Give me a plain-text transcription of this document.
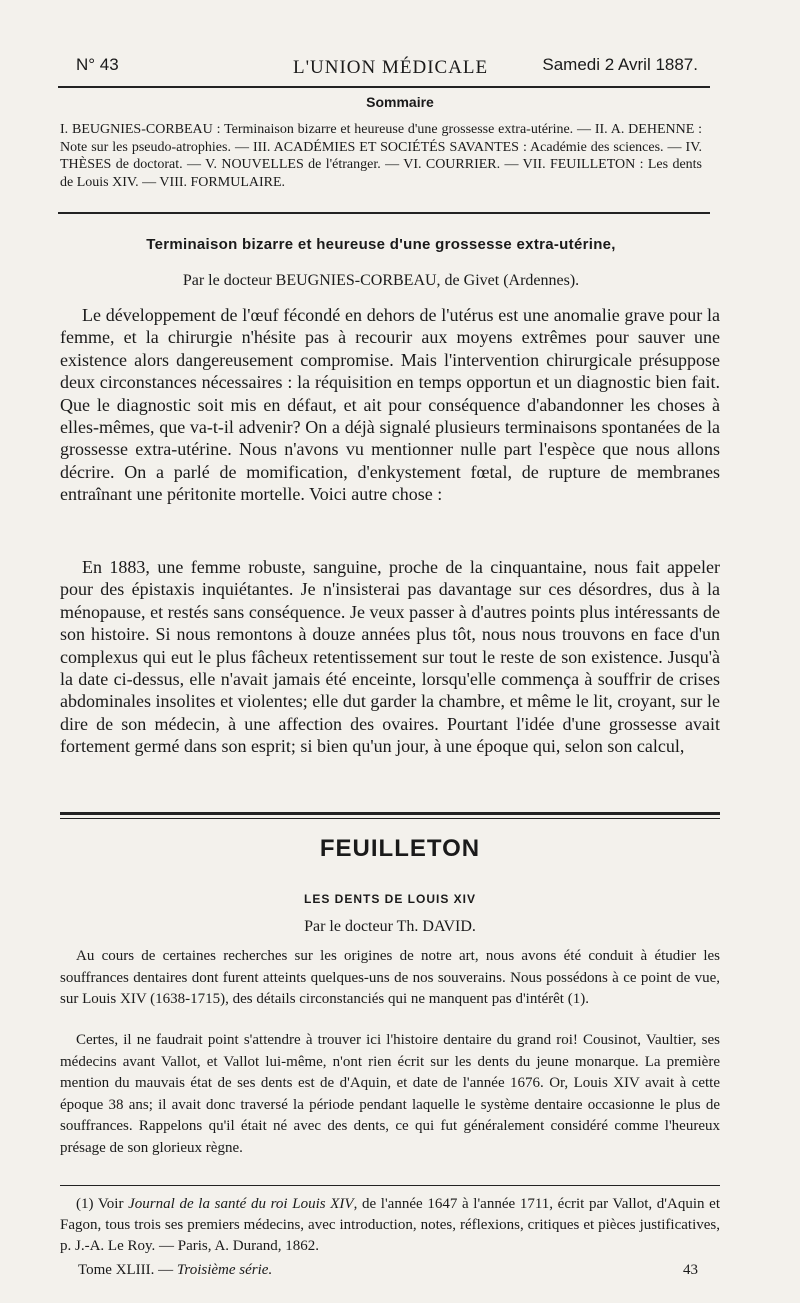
N° 43	L'UNION MÉDICALE	Samedi 2 Avril 1887.
Sommaire
I. BEUGNIES-CORBEAU : Terminaison bizarre et heureuse d'une grossesse extra-utérine. — II. A. DEHENNE : Note sur les pseudo-atrophies. — III. ACADÉMIES ET SOCIÉTÉS SAVANTES : Académie des sciences. — IV. THÈSES de doctorat. — V. NOUVELLES de l'étranger. — VI. COURRIER. — VII. FEUILLETON : Les dents de Louis XIV. — VIII. FORMULAIRE.
Terminaison bizarre et heureuse d'une grossesse extra-utérine,
Par le docteur BEUGNIES-CORBEAU, de Givet (Ardennes).

Le développement de l'œuf fécondé en dehors de l'utérus est une anomalie grave pour la femme, et la chirurgie n'hésite pas à recourir aux moyens extrêmes pour sauver une existence alors dangereusement compromise. Mais l'intervention chirurgicale présuppose deux circonstances nécessaires : la réquisition en temps opportun et un diagnostic bien fait. Que le diagnostic soit mis en défaut, et ait pour conséquence d'abandonner les choses à elles-mêmes, que va-t-il advenir? On a déjà signalé plusieurs terminaisons spontanées de la grossesse extra-utérine. Nous n'avons vu mentionner nulle part l'espèce que nous allons décrire. On a parlé de momification, d'enkystement fœtal, de rupture de membranes entraînant une péritonite mortelle. Voici autre chose :

En 1883, une femme robuste, sanguine, proche de la cinquantaine, nous fait appeler pour des épistaxis inquiétantes. Je n'insisterai pas davantage sur ces désordres, dus à la ménopause, et restés sans conséquence. Je veux passer à d'autres points plus intéressants de son histoire. Si nous remontons à douze années plus tôt, nous nous trouvons en face d'un complexus qui eut le plus fâcheux retentissement sur tout le reste de son existence. Jusqu'à la date ci-dessus, elle n'avait jamais été enceinte, lorsqu'elle commença à souffrir de crises abdominales insolites et violentes; elle dut garder la chambre, et même le lit, croyant, sur le dire de son médecin, à une affection des ovaires. Pourtant l'idée d'une grossesse avait fortement germé dans son esprit; si bien qu'un jour, à une époque qui, selon son calcul,

FEUILLETON
LES DENTS DE LOUIS XIV
Par le docteur Th. DAVID.

Au cours de certaines recherches sur les origines de notre art, nous avons été conduit à étudier les souffrances dentaires dont furent atteints quelques-uns de nos souverains. Nous possédons à ce point de vue, sur Louis XIV (1638-1715), des détails circonstanciés qui ne manquent pas d'intérêt (1).

Certes, il ne faudrait point s'attendre à trouver ici l'histoire dentaire du grand roi! Cousinot, Vaultier, ses médecins avant Vallot, et Vallot lui-même, n'ont rien écrit sur les dents du jeune monarque. La première mention du mauvais état de ses dents est de d'Aquin, et date de l'année 1676. Or, Louis XIV avait à cette époque 38 ans; il avait donc traversé la période pendant laquelle le système dentaire occasionne le plus de souffrances. Rappelons qu'il était né avec des dents, ce qui fut généralement considéré comme l'heureux présage de son glorieux règne.

(1) Voir Journal de la santé du roi Louis XIV, de l'année 1647 à l'année 1711, écrit par Vallot, d'Aquin et Fagon, tous trois ses premiers médecins, avec introduction, notes, réflexions, critiques et pièces justificatives, p. J.-A. Le Roy. — Paris, A. Durand, 1862.

Tome XLIII. — Troisième série.	43
